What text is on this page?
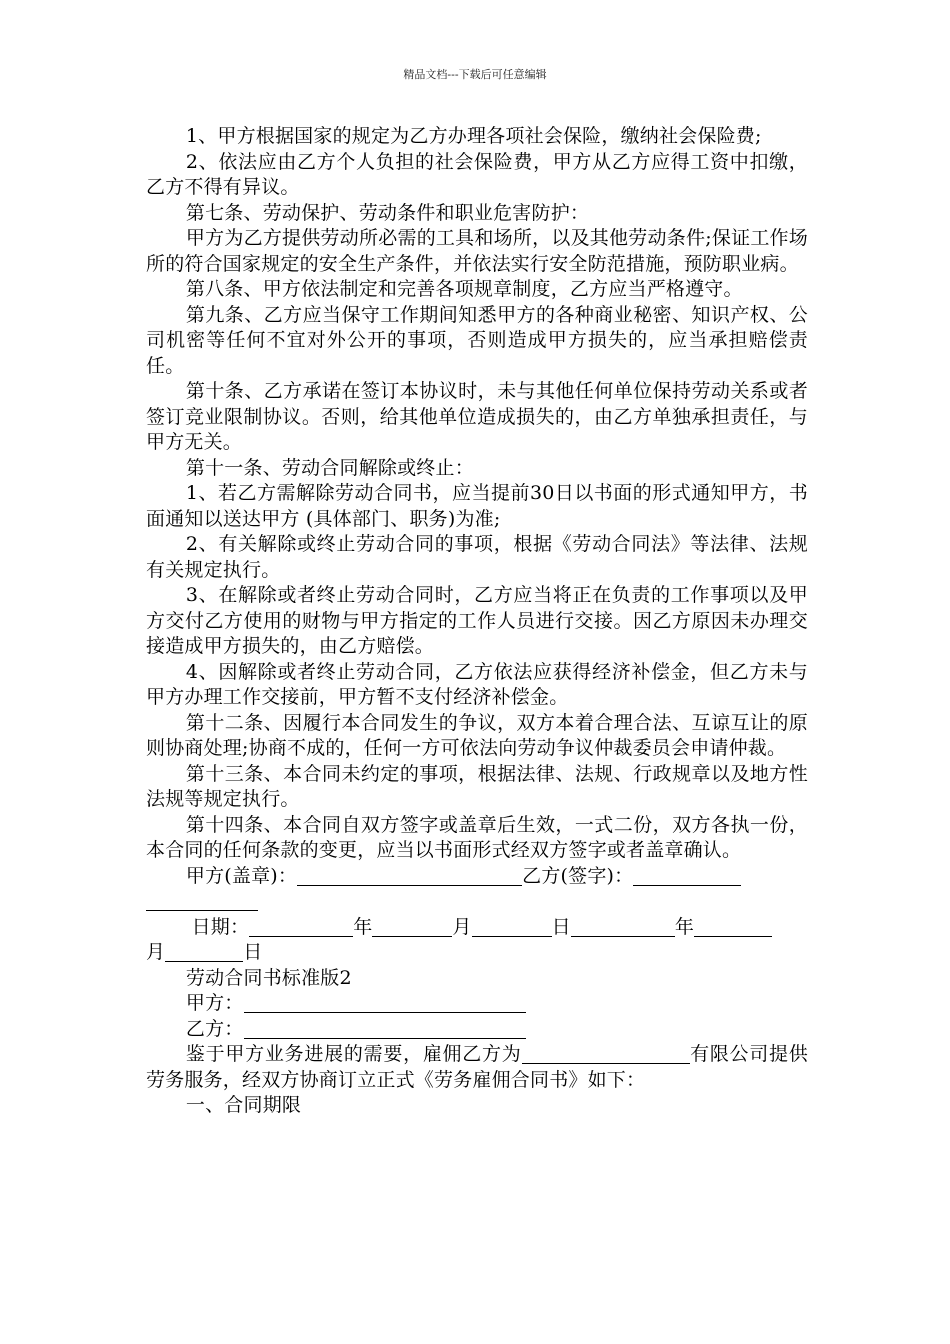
精品文档---下载后可任意编辑

1、甲方根据国家的规定为乙方办理各项社会保险，缴纳社会保险费;

2、依法应由乙方个人负担的社会保险费，甲方从乙方应得工资中扣缴，乙方不得有异议。

第七条、劳动保护、劳动条件和职业危害防护：

甲方为乙方提供劳动所必需的工具和场所，以及其他劳动条件;保证工作场所的符合国家规定的安全生产条件，并依法实行安全防范措施，预防职业病。

第八条、甲方依法制定和完善各项规章制度，乙方应当严格遵守。

第九条、乙方应当保守工作期间知悉甲方的各种商业秘密、知识产权、公司机密等任何不宜对外公开的事项，否则造成甲方损失的，应当承担赔偿责任。

第十条、乙方承诺在签订本协议时，未与其他任何单位保持劳动关系或者签订竞业限制协议。否则，给其他单位造成损失的，由乙方单独承担责任，与甲方无关。

第十一条、劳动合同解除或终止：

1、若乙方需解除劳动合同书，应当提前30日以书面的形式通知甲方，书面通知以送达甲方 (具体部门、职务)为准;

2、有关解除或终止劳动合同的事项，根据《劳动合同法》等法律、法规有关规定执行。

3、在解除或者终止劳动合同时，乙方应当将正在负责的工作事项以及甲方交付乙方使用的财物与甲方指定的工作人员进行交接。因乙方原因未办理交接造成甲方损失的，由乙方赔偿。

4、因解除或者终止劳动合同，乙方依法应获得经济补偿金，但乙方未与甲方办理工作交接前，甲方暂不支付经济补偿金。

第十二条、因履行本合同发生的争议，双方本着合理合法、互谅互让的原则协商处理;协商不成的，任何一方可依法向劳动争议仲裁委员会申请仲裁。

第十三条、本合同未约定的事项，根据法律、法规、行政规章以及地方性法规等规定执行。

第十四条、本合同自双方签字或盖章后生效，一式二份，双方各执一份，本合同的任何条款的变更，应当以书面形式经双方签字或者盖章确认。

甲方(盖章)：	乙方(签字)：

日期：	年	月	日	年

月	日

劳动合同书标准版2

甲方：

乙方：

鉴于甲方业务进展的需要，雇佣乙方为	有限公司提供劳务服务，经双方协商订立正式《劳务雇佣合同书》如下：

一、合同期限
